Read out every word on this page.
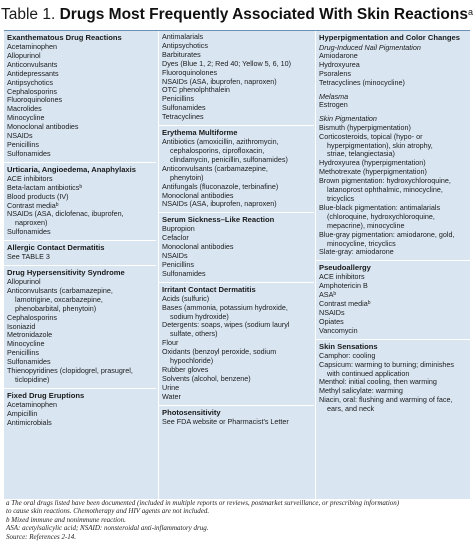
Table 1. Drugs Most Frequently Associated With Skin Reactions$^a$
Exanthematous Drug Reactions
Acetaminophen
Allopurinol
Anticonvulsants
Antidepressants
Antipsychotics
Cephalosporins
Fluoroquinolones
Macrolides
Minocycline
Monoclonal antibodies
NSAIDs
Penicillins
Sulfonamides
Urticaria, Angioedema, Anaphylaxis
ACE inhibitors
Beta-lactam antibiotics$^b$
Blood products (IV)
Contrast media$^b$
NSAIDs (ASA, diclofenac, ibuprofen,
naproxen)
Sulfonamides
Allergic Contact Dermatitis
See TABLE 3
Drug Hypersensitivity Syndrome
Allopurinol
Anticonvulsants (carbamazepine,
lamotrigine, oxcarbazepine,
phenobarbital, phenytoin)
Cephalosporins
Isoniazid
Metronidazole
Minocycline
Penicillins
Sulfonamides
Thienopyridines (clopidogrel, prasugrel,
ticlopidine)
Fixed Drug Eruptions
Acetaminophen
Ampicillin
Antimicrobials
Antimalarials
Antipsychotics
Barbiturates
Dyes (Blue 1, 2; Red 40; Yellow 5, 6, 10)
Fluoroquinolones
NSAIDs (ASA, ibuprofen, naproxen)
OTC phenolphthalein
Penicillins
Sulfonamides
Tetracyclines
Erythema Multiforme
Antibiotics (amoxicillin, azithromycin,
cephalosporins, ciprofloxacin,
clindamycin, penicillin, sulfonamides)
Anticonvulsants (carbamazepine,
phenytoin)
Antifungals (fluconazole, terbinafine)
Monoclonal antibodies
NSAIDs (ASA, ibuprofen, naproxen)
Serum Sickness–Like Reaction
Bupropion
Cefaclor
Monoclonal antibodies
NSAIDs
Penicillins
Sulfonamides
Irritant Contact Dermatitis
Acids (sulfuric)
Bases (ammonia, potassium hydroxide,
sodium hydroxide)
Detergents: soaps, wipes (sodium lauryl
sulfate, others)
Flour
Oxidants (benzoyl peroxide, sodium
hypochloride)
Rubber gloves
Solvents (alcohol, benzene)
Urine
Water
Photosensitivity
See FDA website or Pharmacist's Letter
Hyperpigmentation and Color Changes
Drug-Induced Nail Pigmentation
Amiodarone
Hydroxyurea
Psoralens
Tetracyclines (minocycline)
Melasma
Estrogen
Skin Pigmentation
Bismuth (hyperpigmentation)
Corticosteroids, topical (hypo- or
hyperpigmentation), skin atrophy,
striae, telangiectasia)
Hydroxyurea (hyperpigmentation)
Methotrexate (hyperpigmentation)
Brown pigmentation: hydroxychloroquine,
latanoprost ophthalmic, minocycline,
tricyclics
Blue-black pigmentation: antimalarials
(chloroquine, hydroxychloroquine,
mepacrine), minocycline
Blue-gray pigmentation: amiodarone, gold,
minocycline, tricyclics
Slate-gray: amiodarone
Pseudoallergy
ACE inhibitors
Amphotericin B
ASA$^b$
Contrast media$^b$
NSAIDs
Opiates
Vancomycin
Skin Sensations
Camphor: cooling
Capsicum: warming to burning; diminishes
with continued application
Menthol: initial cooling, then warming
Methyl salicylate: warming
Niacin, oral: flushing and warming of face,
ears, and neck
a The oral drugs listed have been documented (included in multiple reports or reviews, postmarket surveillance, or prescribing information)
to cause skin reactions. Chemotherapy and HIV agents are not included.
b Mixed immune and nonimmune reaction.
ASA: acetylsalicylic acid; NSAID: nonsteroidal anti-inflammatory drug.
Source: References 2-14.
